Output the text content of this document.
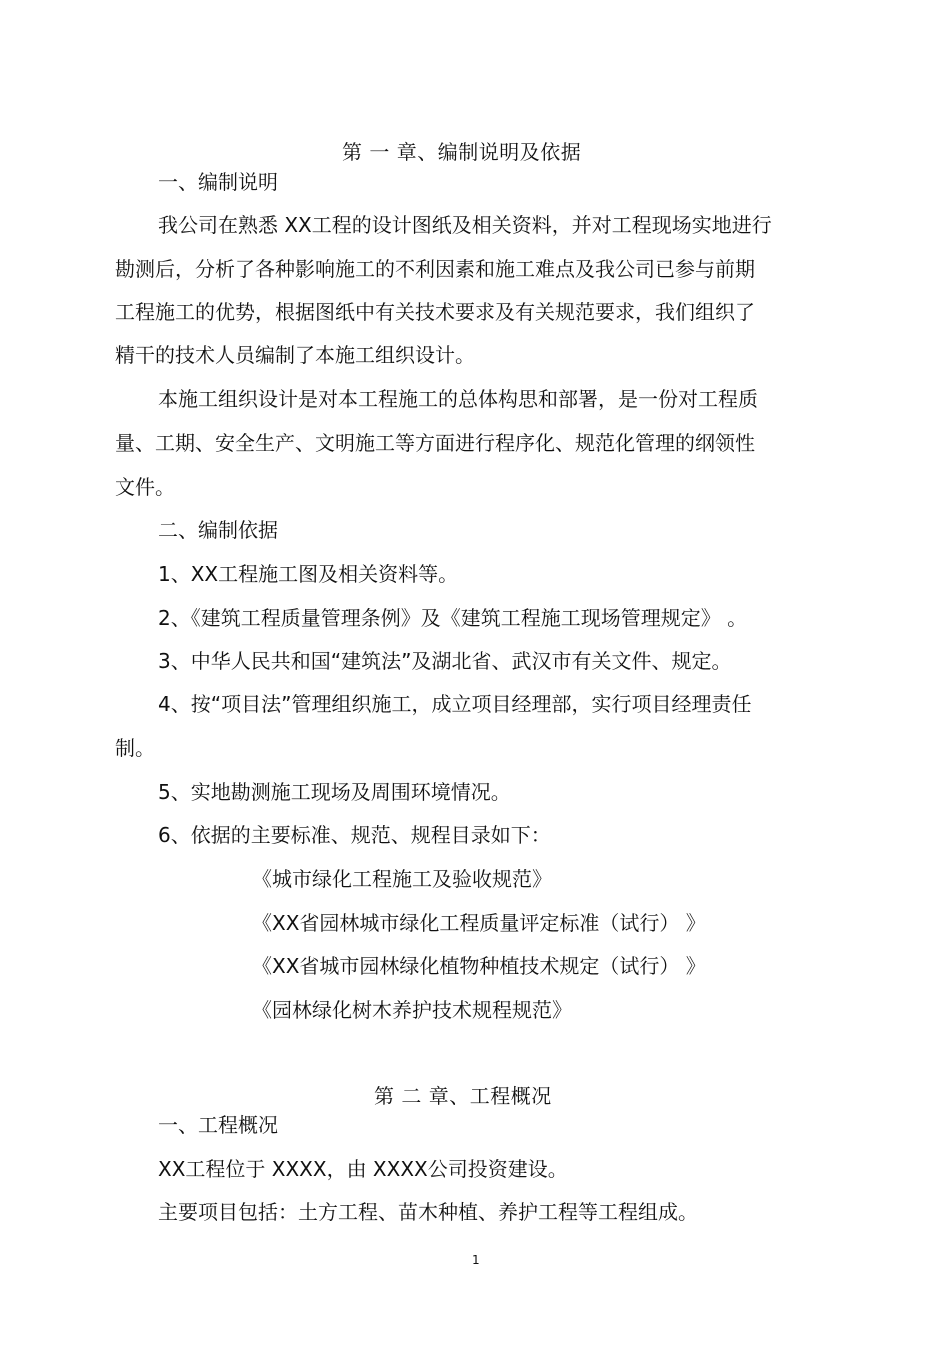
第 一 章、编制说明及依据
一、编制说明
我公司在熟悉 XX工程的设计图纸及相关资料，并对工程现场实地进行
勘测后，分析了各种影响施工的不利因素和施工难点及我公司已参与前期
工程施工的优势，根据图纸中有关技术要求及有关规范要求，我们组织了
精干的技术人员编制了本施工组织设计。
本施工组织设计是对本工程施工的总体构思和部署，是一份对工程质
量、工期、安全生产、文明施工等方面进行程序化、规范化管理的纲领性
文件。
二、编制依据
1、XX工程施工图及相关资料等。
2、《建筑工程质量管理条例》及《建筑工程施工现场管理规定》 。
3、中华人民共和国“建筑法”及湖北省、武汉市有关文件、规定。
4、按“项目法”管理组织施工，成立项目经理部，实行项目经理责任
制。
5、实地勘测施工现场及周围环境情况。
6、依据的主要标准、规范、规程目录如下：
《城市绿化工程施工及验收规范》
《XX省园林城市绿化工程质量评定标准（试行） 》
《XX省城市园林绿化植物种植技术规定（试行） 》
《园林绿化树木养护技术规程规范》
第 二 章、工程概况
一、工程概况
XX工程位于 XXXX，由 XXXX公司投资建设。
主要项目包括：土方工程、苗木种植、养护工程等工程组成。
1
